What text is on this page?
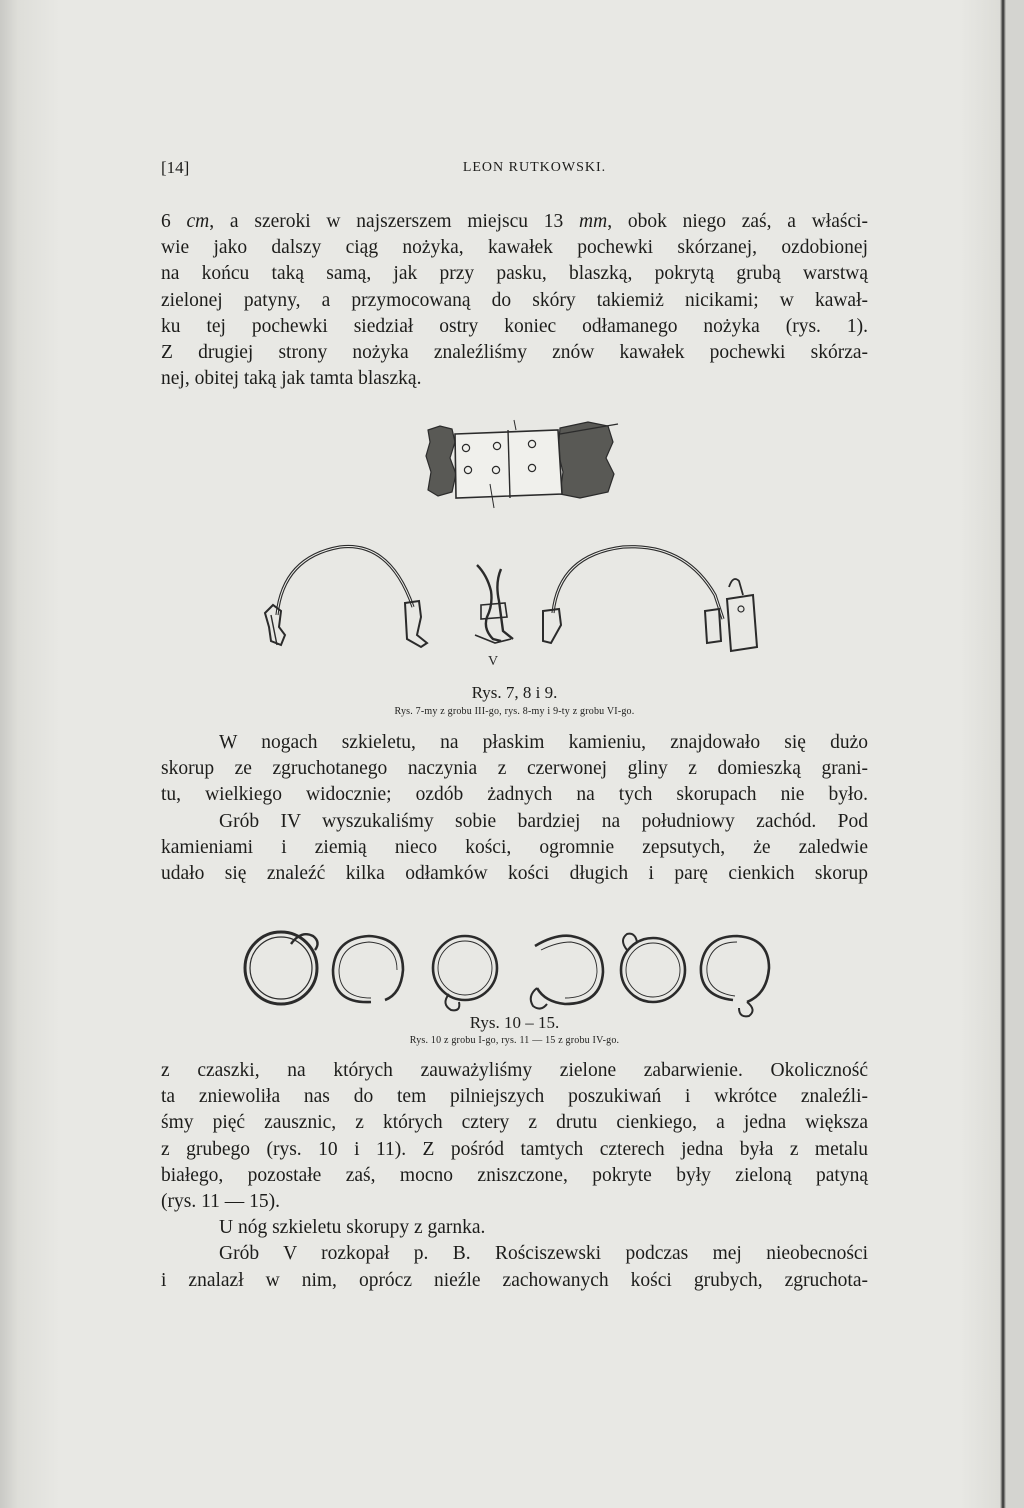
[14]	LEON RUTKOWSKI.
6 cm, a szeroki w najszerszem miejscu 13 mm, obok niego zaś, a właści-
wie jako dalszy ciąg nożyka, kawałek pochewki skórzanej, ozdobionej
na końcu taką samą, jak przy pasku, blaszką, pokrytą grubą warstwą
zielonej patyny, a przymocowaną do skóry takiemiż nicikami; w kawał-
ku tej pochewki siedział ostry koniec odłamanego nożyka (rys. 1).
Z drugiej strony nożyka znaleźliśmy znów kawałek pochewki skórza-
nej, obitej taką jak tamta blaszką.
V
Rys. 7, 8 i 9.
Rys. 7-my z grobu III-go, rys. 8-my i 9-ty z grobu VI-go.
W nogach szkieletu, na płaskim kamieniu, znajdowało się dużo
skorup ze zgruchotanego naczynia z czerwonej gliny z domieszką grani-
tu, wielkiego widocznie; ozdób żadnych na tych skorupach nie było.
Grób IV wyszukaliśmy sobie bardziej na południowy zachód. Pod
kamieniami i ziemią nieco kości, ogromnie zepsutych, że zaledwie
udało się znaleźć kilka odłamków kości długich i parę cienkich skorup
Rys. 10 – 15.
Rys. 10 z grobu I-go, rys. 11 — 15 z grobu IV-go.
z czaszki, na których zauważyliśmy zielone zabarwienie. Okoliczność
ta zniewoliła nas do tem pilniejszych poszukiwań i wkrótce znaleźli-
śmy pięć zausznic, z których cztery z drutu cienkiego, a jedna większa
z grubego (rys. 10 i 11). Z pośród tamtych czterech jedna była z metalu
białego, pozostałe zaś, mocno zniszczone, pokryte były zieloną patyną
(rys. 11 — 15).
U nóg szkieletu skorupy z garnka.
Grób V rozkopał p. B. Rościszewski podczas mej nieobecności
i znalazł w nim, oprócz nieźle zachowanych kości grubych, zgruchota-
